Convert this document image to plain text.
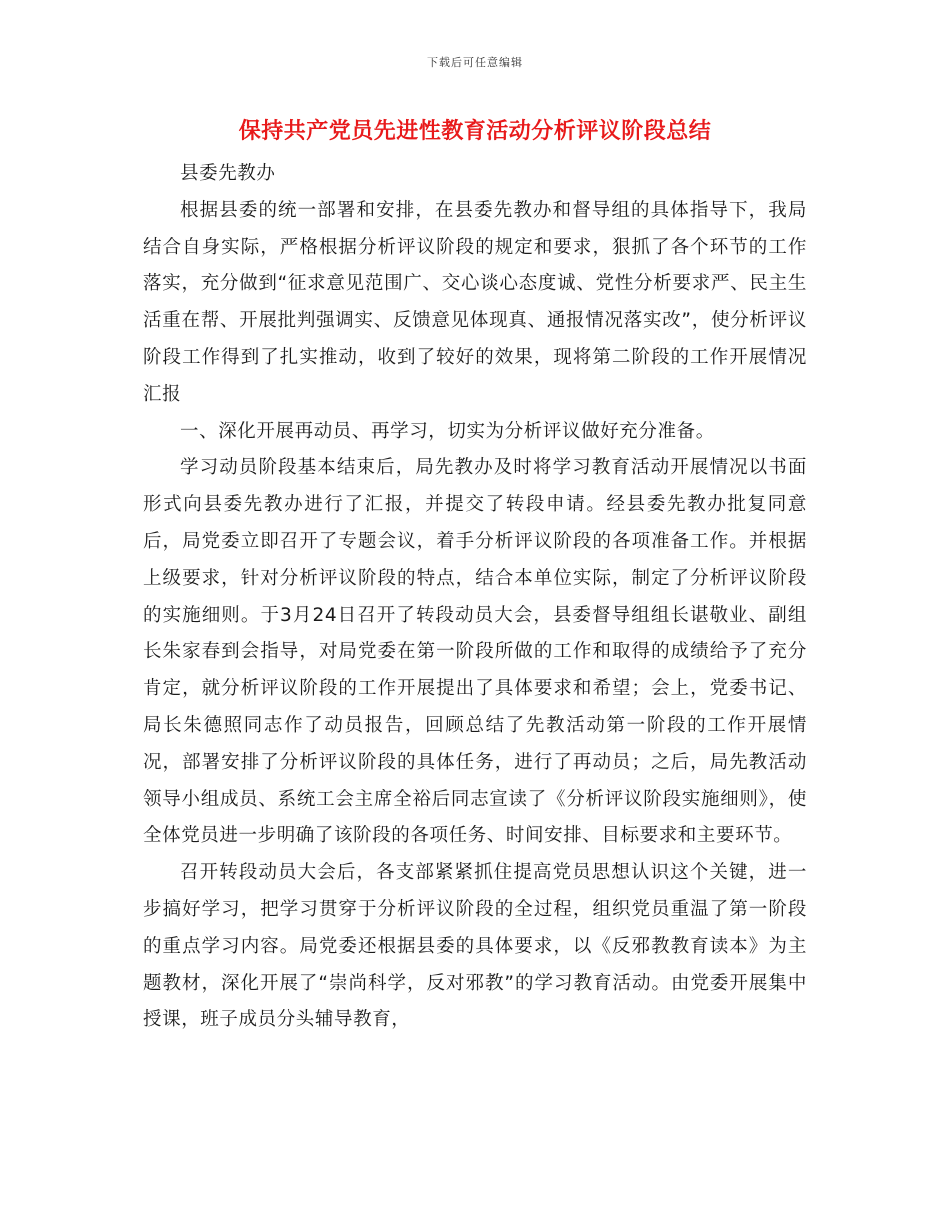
下载后可任意编辑
保持共产党员先进性教育活动分析评议阶段总结

县委先教办

根据县委的统一部署和安排，在县委先教办和督导组的具体指导下，我局结合自身实际，严格根据分析评议阶段的规定和要求，狠抓了各个环节的工作落实，充分做到“征求意见范围广、交心谈心态度诚、党性分析要求严、民主生活重在帮、开展批判强调实、反馈意见体现真、通报情况落实改”，使分析评议阶段工作得到了扎实推动，收到了较好的效果，现将第二阶段的工作开展情况汇报

一、深化开展再动员、再学习，切实为分析评议做好充分准备。

学习动员阶段基本结束后，局先教办及时将学习教育活动开展情况以书面形式向县委先教办进行了汇报，并提交了转段申请。经县委先教办批复同意后，局党委立即召开了专题会议，着手分析评议阶段的各项准备工作。并根据上级要求，针对分析评议阶段的特点，结合本单位实际，制定了分析评议阶段的实施细则。于3月24日召开了转段动员大会，县委督导组组长谌敬业、副组长朱家春到会指导，对局党委在第一阶段所做的工作和取得的成绩给予了充分肯定，就分析评议阶段的工作开展提出了具体要求和希望；会上，党委书记、局长朱德照同志作了动员报告，回顾总结了先教活动第一阶段的工作开展情况，部署安排了分析评议阶段的具体任务，进行了再动员；之后，局先教活动领导小组成员、系统工会主席全裕后同志宣读了《分析评议阶段实施细则》，使全体党员进一步明确了该阶段的各项任务、时间安排、目标要求和主要环节。

召开转段动员大会后，各支部紧紧抓住提高党员思想认识这个关键，进一步搞好学习，把学习贯穿于分析评议阶段的全过程，组织党员重温了第一阶段的重点学习内容。局党委还根据县委的具体要求，以《反邪教教育读本》为主题教材，深化开展了“崇尚科学，反对邪教”的学习教育活动。由党委开展集中授课，班子成员分头辅导教育，
